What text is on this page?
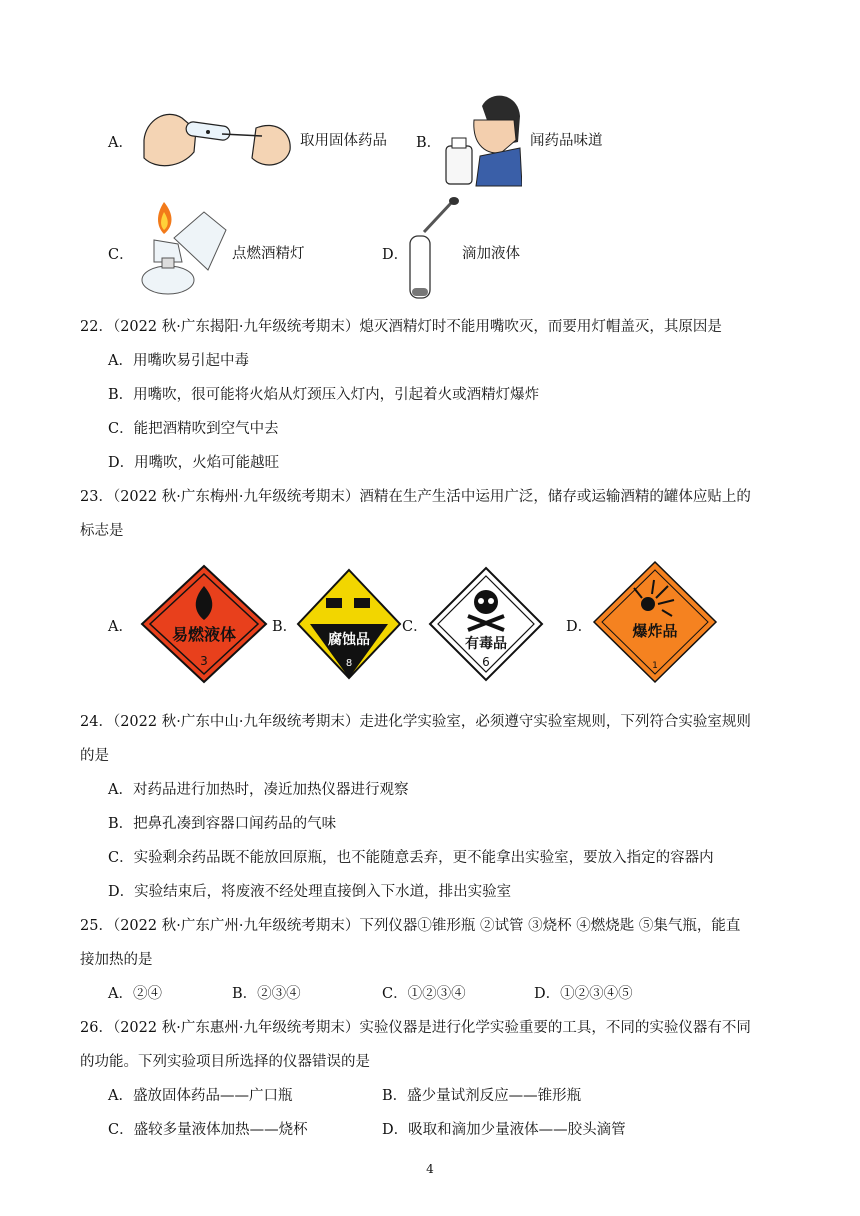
A．	取用固体药品 B．	闻药品味道
C．	点燃酒精灯	D．	滴加液体
22．（2022 秋·广东揭阳·九年级统考期末）熄灭酒精灯时不能用嘴吹灭，而要用灯帽盖灭，其原因是
A．用嘴吹易引起中毒
B．用嘴吹，很可能将火焰从灯颈压入灯内，引起着火或酒精灯爆炸
C．能把酒精吹到空气中去
D．用嘴吹，火焰可能越旺
23．（2022 秋·广东梅州·九年级统考期末）酒精在生产生活中运用广泛，储存或运输酒精的罐体应贴上的
标志是
A． 易燃液体
3
B．
腐蚀品
8
C．
有毒品
6
D．	爆炸品
1
24．（2022 秋·广东中山·九年级统考期末）走进化学实验室，必须遵守实验室规则，下列符合实验室规则
的是
A．对药品进行加热时，凑近加热仪器进行观察
B．把鼻孔凑到容器口闻药品的气味
C．实验剩余药品既不能放回原瓶，也不能随意丢弃，更不能拿出实验室，要放入指定的容器内
D．实验结束后，将废液不经处理直接倒入下水道，排出实验室
25．（2022 秋·广东广州·九年级统考期末）下列仪器①锥形瓶 ②试管 ③烧杯 ④燃烧匙 ⑤集气瓶，能直
接加热的是
A．②④	B．②③④	C．①②③④	D．①②③④⑤
26．（2022 秋·广东惠州·九年级统考期末）实验仪器是进行化学实验重要的工具，不同的实验仪器有不同
的功能。下列实验项目所选择的仪器错误的是
A．盛放固体药品——广口瓶	B．盛少量试剂反应——锥形瓶
C．盛较多量液体加热——烧杯	D．吸取和滴加少量液体——胶头滴管
4
